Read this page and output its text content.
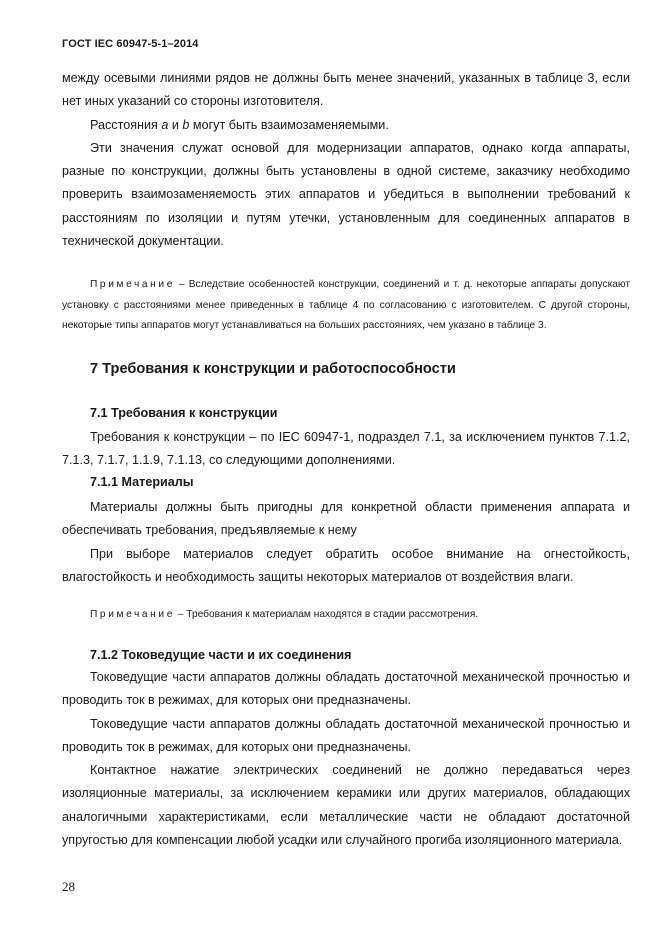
ГОСТ IEC 60947-5-1–2014

между осевыми линиями рядов не должны быть менее значений, указанных в таблице 3, если нет иных указаний со стороны изготовителя.

Расстояния a и b могут быть взаимозаменяемыми.

Эти значения служат основой для модернизации аппаратов, однако когда аппараты, разные по конструкции, должны быть установлены в одной системе, заказчику необходимо проверить взаимозаменяемость этих аппаратов и убедиться в выполнении требований к расстояниям по изоляции и путям утечки, установленным для соединенных аппаратов в технической документации.

Примечание – Вследствие особенностей конструкции, соединений и т. д. некоторые аппараты допускают установку с расстояниями менее приведенных в таблице 4 по согласованию с изготовителем. С другой стороны, некоторые типы аппаратов могут устанавливаться на больших расстояниях, чем указано в таблице 3.

7 Требования к конструкции и работоспособности
7.1 Требования к конструкции

Требования к конструкции – по IEC 60947-1, подраздел 7.1, за исключением пунктов 7.1.2, 7.1.3, 7.1.7, 1.1.9, 7.1.13, со следующими дополнениями.

7.1.1 Материалы

Материалы должны быть пригодны для конкретной области применения аппарата и обеспечивать требования, предъявляемые к нему

При выборе материалов следует обратить особое внимание на огнестойкость, влагостойкость и необходимость защиты некоторых материалов от воздействия влаги.

Примечание – Требования к материалам находятся в стадии рассмотрения.

7.1.2 Токоведущие части и их соединения

Токоведущие части аппаратов должны обладать достаточной механической прочностью и проводить ток в режимах, для которых они предназначены.

Токоведущие части аппаратов должны обладать достаточной механической прочностью и проводить ток в режимах, для которых они предназначены.

Контактное нажатие электрических соединений не должно передаваться через изоляционные материалы, за исключением керамики или других материалов, обладающих аналогичными характеристиками, если металлические части не обладают достаточной упругостью для компенсации любой усадки или случайного прогиба изоляционного материала.

28
